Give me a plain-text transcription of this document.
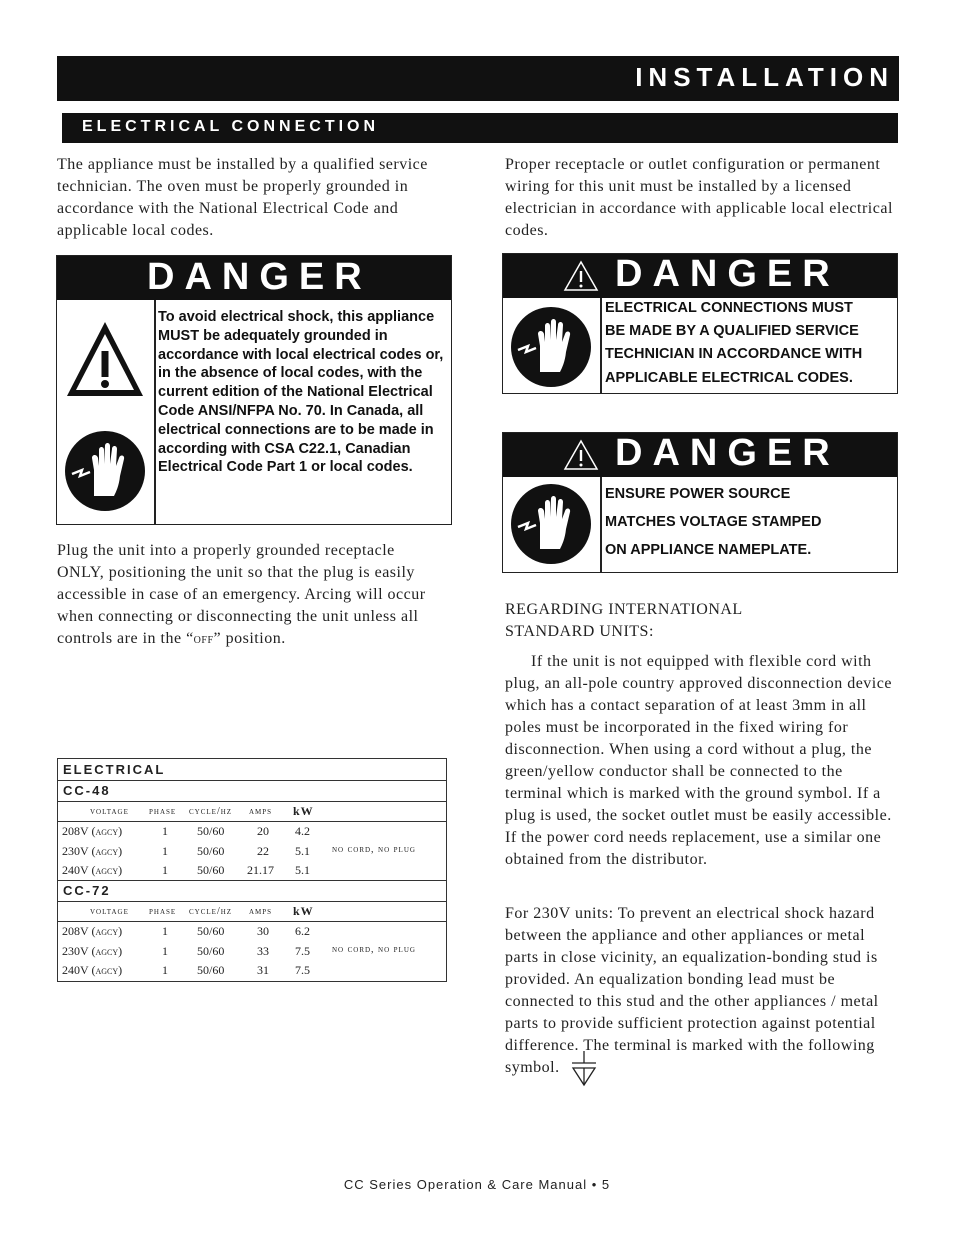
INSTALLATION
ELECTRICAL CONNECTION
The appliance must be installed by a qualified service technician. The oven must be properly grounded in accordance with the National Electrical Code and applicable local codes.
DANGER
To avoid electrical shock, this appliance MUST be adequately grounded in accordance with local electrical codes or, in the absence of local codes, with the current edition of the National Electrical Code ANSI/NFPA No. 70. In Canada, all electrical connections are to be made in according with CSA C22.1, Canadian Electrical Code Part 1 or local codes.
Plug the unit into a properly grounded receptacle ONLY, positioning the unit so that the plug is easily accessible in case of an emergency. Arcing will occur when connecting or disconnecting the unit unless all controls are in the “off” position.
ELECTRICAL
CC-48
voltage phase cycle/hz amps kW
208V (agcy)	1 50/60	20 4.2
230V (agcy)	1 50/60	22 5.1
240V (agcy)	1 50/60 21.17 5.1
no cord, no plug
CC-72
voltage phase cycle/hz amps kW
208V (agcy)	1 50/60	30 6.2
230V (agcy)	1 50/60	33 7.5
240V (agcy)	1 50/60	31 7.5
no cord, no plug
Proper receptacle or outlet configuration or permanent wiring for this unit must be installed by a licensed electrician in accordance with applicable local electrical codes.
DANGER
ELECTRICAL CONNECTIONS MUST
BE MADE BY A QUALIFIED SERVICE
TECHNICIAN IN ACCORDANCE WITH
APPLICABLE ELECTRICAL CODES.
DANGER
ENSURE POWER SOURCE
MATCHES VOLTAGE STAMPED
ON APPLIANCE NAMEPLATE.
REGARDING INTERNATIONAL
STANDARD UNITS:
If the unit is not equipped with flexible cord with plug, an all-pole country approved disconnection device which has a contact separation of at least 3mm in all poles must be incorporated in the fixed wiring for disconnection. When using a cord without a plug, the green/yellow conductor shall be connected to the terminal which is marked with the ground symbol. If a plug is used, the socket outlet must be easily accessible. If the power cord needs replacement, use a similar one obtained from the distributor.
For 230V units: To prevent an electrical shock hazard between the appliance and other appliances or metal parts in close vicinity, an equalization-bonding stud is provided. An equalization bonding lead must be connected to this stud and the other appliances / metal parts to provide sufficient protection against potential difference. The terminal is marked with the following symbol.
CC Series Operation & Care Manual • 5
